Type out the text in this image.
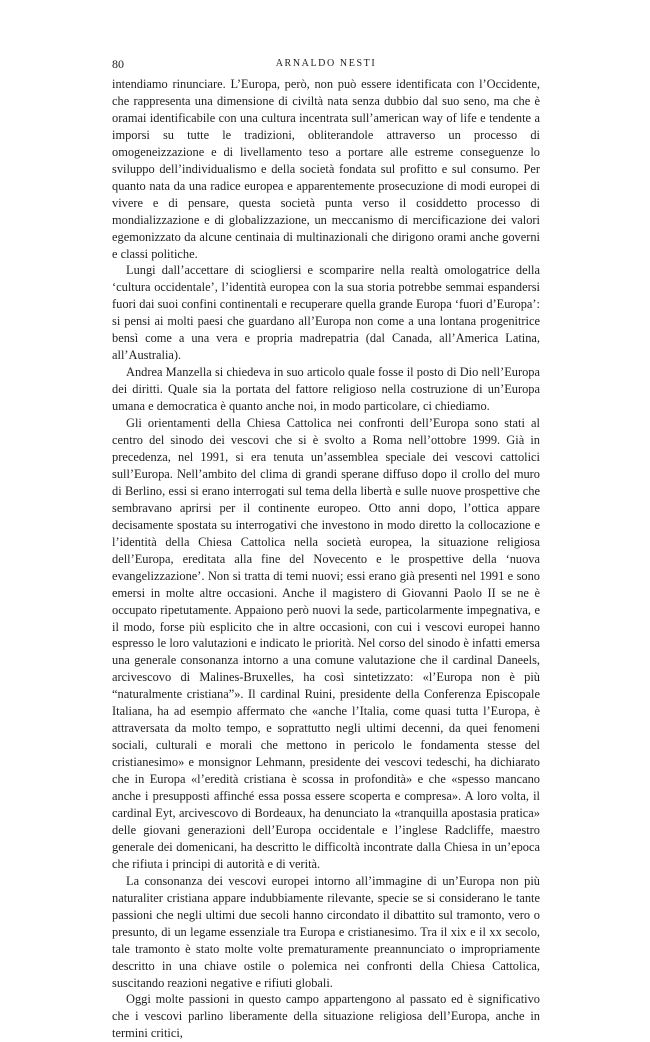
80	ARNALDO NESTI

intendiamo rinunciare. L’Europa, però, non può essere identificata con l’Occidente, che rappresenta una dimensione di civiltà nata senza dubbio dal suo seno, ma che è oramai identificabile con una cultura incentrata sull’american way of life e tendente a imporsi su tutte le tradizioni, obliterandole attraverso un processo di omogeneizzazione e di livellamento teso a portare alle estreme conseguenze lo sviluppo dell’individualismo e della società fondata sul profitto e sul consumo. Per quanto nata da una radice europea e apparentemente prosecuzione di modi europei di vivere e di pensare, questa società punta verso il cosiddetto processo di mondializzazione e di globalizzazione, un meccanismo di mercificazione dei valori egemonizzato da alcune centinaia di multinazionali che dirigono orami anche governi e classi politiche.

Lungi dall’accettare di sciogliersi e scomparire nella realtà omologatrice della ‘cultura occidentale’, l’identità europea con la sua storia potrebbe semmai espandersi fuori dai suoi confini continentali e recuperare quella grande Europa ‘fuori d’Europa’: si pensi ai molti paesi che guardano all’Europa non come a una lontana progenitrice bensì come a una vera e propria madrepatria (dal Canada, all’America Latina, all’Australia).

Andrea Manzella si chiedeva in suo articolo quale fosse il posto di Dio nell’Europa dei diritti. Quale sia la portata del fattore religioso nella costruzione di un’Europa umana e democratica è quanto anche noi, in modo particolare, ci chiediamo.

Gli orientamenti della Chiesa Cattolica nei confronti dell’Europa sono stati al centro del sinodo dei vescovi che si è svolto a Roma nell’ottobre 1999. Già in precedenza, nel 1991, si era tenuta un’assemblea speciale dei vescovi cattolici sull’Europa. Nell’ambito del clima di grandi sperane diffuso dopo il crollo del muro di Berlino, essi si erano interrogati sul tema della libertà e sulle nuove prospettive che sembravano aprirsi per il continente europeo. Otto anni dopo, l’ottica appare decisamente spostata su interrogativi che investono in modo diretto la collocazione e l’identità della Chiesa Cattolica nella società europea, la situazione religiosa dell’Europa, ereditata alla fine del Novecento e le prospettive della ‘nuova evangelizzazione’. Non si tratta di temi nuovi; essi erano già presenti nel 1991 e sono emersi in molte altre occasioni. Anche il magistero di Giovanni Paolo II se ne è occupato ripetutamente. Appaiono però nuovi la sede, particolarmente impegnativa, e il modo, forse più esplicito che in altre occasioni, con cui i vescovi europei hanno espresso le loro valutazioni e indicato le priorità. Nel corso del sinodo è infatti emersa una generale consonanza intorno a una comune valutazione che il cardinal Daneels, arcivescovo di Malines-Bruxelles, ha così sintetizzato: «l’Europa non è più “naturalmente cristiana”». Il cardinal Ruini, presidente della Conferenza Episcopale Italiana, ha ad esempio affermato che «anche l’Italia, come quasi tutta l’Europa, è attraversata da molto tempo, e soprattutto negli ultimi decenni, da quei fenomeni sociali, culturali e morali che mettono in pericolo le fondamenta stesse del cristianesimo» e monsignor Lehmann, presidente dei vescovi tedeschi, ha dichiarato che in Europa «l’eredità cristiana è scossa in profondità» e che «spesso mancano anche i presupposti affinché essa possa essere scoperta e compresa». A loro volta, il cardinal Eyt, arcivescovo di Bordeaux, ha denunciato la «tranquilla apostasia pratica» delle giovani generazioni dell’Europa occidentale e l’inglese Radcliffe, maestro generale dei domenicani, ha descritto le difficoltà incontrate dalla Chiesa in un’epoca che rifiuta i principi di autorità e di verità.

La consonanza dei vescovi europei intorno all’immagine di un’Europa non più naturaliter cristiana appare indubbiamente rilevante, specie se si considerano le tante passioni che negli ultimi due secoli hanno circondato il dibattito sul tramonto, vero o presunto, di un legame essenziale tra Europa e cristianesimo. Tra il xix e il xx secolo, tale tramonto è stato molte volte prematuramente preannunciato o impropriamente descritto in una chiave ostile o polemica nei confronti della Chiesa Cattolica, suscitando reazioni negative e rifiuti globali.

Oggi molte passioni in questo campo appartengono al passato ed è significativo che i vescovi parlino liberamente della situazione religiosa dell’Europa, anche in termini critici,
